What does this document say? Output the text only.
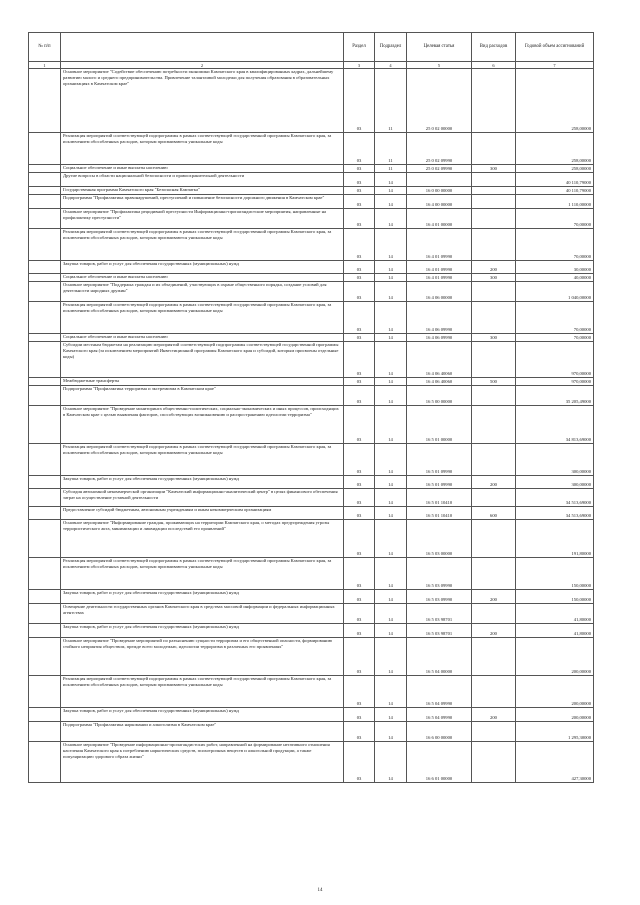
№ п/п		Раздел	Подраздел	Целевая статья	Вид расходов	Годовой объем ассигнований
1	2	3	4	5	6	7
	Основное мероприятие "Содействие обеспечению потребности экономики Камчатского края в квалифицированных кадрах, дальнейшему развитию малого и среднего предпринимательства. Привлечение талантливой молодежи для получения образования в образовательных организациях в Камчатском крае"	03	11	25 0 02 00000		258,00000
	Реализация мероприятий соответствующей подпрограммы в рамках соответствующей государственной программы Камчатского края, за исключением обособленных расходов, которым присваиваются уникальные коды	03	11	25 0 02 09990		258,00000
	Социальное обеспечение и иные выплаты населению	03	11	25 0 02 09990	300	258,00000
	Другие вопросы в области национальной безопасности и правоохранительной деятельности	03	14			40 110,79000
	Государственная программа Камчатского края "Безопасная Камчатка"	03	14	16 0 00 00000		40 110,79000
	Подпрограмма "Профилактика правонарушений, преступлений и повышение безопасности дорожного движения в Камчатском крае"	03	14	16 4 00 00000		1 110,00000
	Основное мероприятие "Профилактика рецидивной преступности Информационно-пропагандистские мероприятия, направленные на профилактику преступности"	03	14	16 4 01 00000		70,00000
	Реализация мероприятий соответствующей подпрограммы в рамках соответствующей государственной программы Камчатского края, за исключением обособленных расходов, которым присваиваются уникальные коды	03	14	16 4 01 09990		70,00000
	Закупка товаров, работ и услуг для обеспечения государственных (муниципальных) нужд	03	14	16 4 01 09990	200	30,00000
	Социальное обеспечение и иные выплаты населению	03	14	16 4 01 09990	300	40,00000
	Основное мероприятие "Поддержка граждан и их объединений, участвующих в охране общественного порядка, создание условий для деятельности народных дружин"	03	14	16 4 06 00000		1 040,00000
	Реализация мероприятий соответствующей подпрограммы в рамках соответствующей государственной программы Камчатского края, за исключением обособленных расходов, которым присваиваются уникальные коды	03	14	16 4 06 09990		70,00000
	Социальное обеспечение и иные выплаты населению	03	14	16 4 06 09990	300	70,00000
	Субсидии местным бюджетам на реализацию мероприятий соответствующей подпрограммы соответствующей государственной программы Камчатского края (за исключением мероприятий Инвестиционной программы Камчатского края и субсидий, которым присвоены отдельные коды)	03	14	16 4 06 40060		970,00000
	Межбюджетные трансферты	03	14	16 4 06 40060	500	970,00000
	Подпрограмма "Профилактика терроризма и экстремизма в Камчатском крае"	03	14	16 5 00 00000		35 205,49000
	Основное мероприятие "Проведение мониторинга общественно-политических, социально-экономических и иных процессов, происходящих в Камчатском крае с целью выявления факторов, способствующих возникновению и распространению идеологии терроризма"	03	14	16 5 01 00000		34 813,69000
	Реализация мероприятий соответствующей подпрограммы в рамках соответствующей государственной программы Камчатского края, за исключением обособленных расходов, которым присваиваются уникальные коды	03	14	16 5 01 09990		300,00000
	Закупка товаров, работ и услуг для обеспечения государственных (муниципальных) нужд	03	14	16 5 01 09990	200	300,00000
	Субсидия автономной некоммерческой организации "Камчатский информационно-аналитический центр" в целях финансового обеспечения затрат на осуществление уставной деятельности	03	14	16 5 01 10410		34 513,69000
	Предоставление субсидий бюджетным, автономным учреждениям и иным некоммерческим организациям	03	14	16 5 01 10410	600	34 513,69000
	Основное мероприятие "Информирование граждан, проживающих на территории Камчатского края, о методах предупреждения угрозы террористического акта, минимизации и ликвидации последствий его проявлений"	03	14	16 5 03 00000		191,80000
	Реализация мероприятий соответствующей подпрограммы в рамках соответствующей государственной программы Камчатского края, за исключением обособленных расходов, которым присваиваются уникальные коды	03	14	16 5 03 09990		150,00000
	Закупка товаров, работ и услуг для обеспечения государственных (муниципальных) нужд	03	14	16 5 03 09990	200	150,00000
	Освещение деятельности государственных органов Камчатского края в средствах массовой информации и федеральных информационных агентствах	03	14	16 5 03 98701		41,80000
	Закупка товаров, работ и услуг для обеспечения государственных (муниципальных) нужд	03	14	16 5 03 98701	200	41,80000
	Основное мероприятие "Проведение мероприятий по разъяснению сущности терроризма и его общественной опасности, формированию стойкого неприятия обществом, прежде всего молодежью, идеологии терроризма в различных его проявлениях"	03	14	16 5 04 00000		200,00000
	Реализация мероприятий соответствующей подпрограммы в рамках соответствующей государственной программы Камчатского края, за исключением обособленных расходов, которым присваиваются уникальные коды	03	14	16 5 04 09990		200,00000
	Закупка товаров, работ и услуг для обеспечения государственных (муниципальных) нужд	03	14	16 5 04 09990	200	200,00000
	Подпрограмма "Профилактика наркомании и алкоголизма в Камчатском крае"	03	14	16 6 00 00000		1 295,30000
	Основное мероприятие "Проведение информационно-пропагандистских работ, направленной на формирование негативного отношения населения Камчатского края к потреблению наркотических средств, психотропных веществ и алкогольной продукции, а также популяризацию здорового образа жизни"	03	14	16 6 01 00000		427,30000
14
